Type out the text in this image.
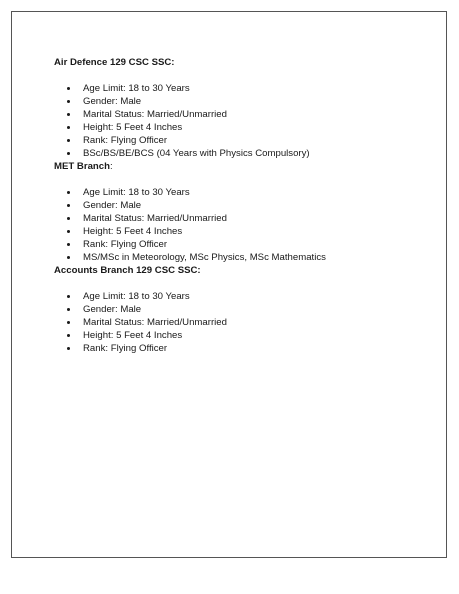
Air Defence 129 CSC SSC:
Age Limit: 18 to 30 Years
Gender: Male
Marital Status: Married/Unmarried
Height: 5 Feet 4 Inches
Rank: Flying Officer
BSc/BS/BE/BCS (04 Years with Physics Compulsory)
MET Branch:
Age Limit: 18 to 30 Years
Gender: Male
Marital Status: Married/Unmarried
Height: 5 Feet 4 Inches
Rank: Flying Officer
MS/MSc in Meteorology, MSc Physics, MSc Mathematics
Accounts Branch 129 CSC SSC:
Age Limit: 18 to 30 Years
Gender: Male
Marital Status: Married/Unmarried
Height: 5 Feet 4 Inches
Rank: Flying Officer
